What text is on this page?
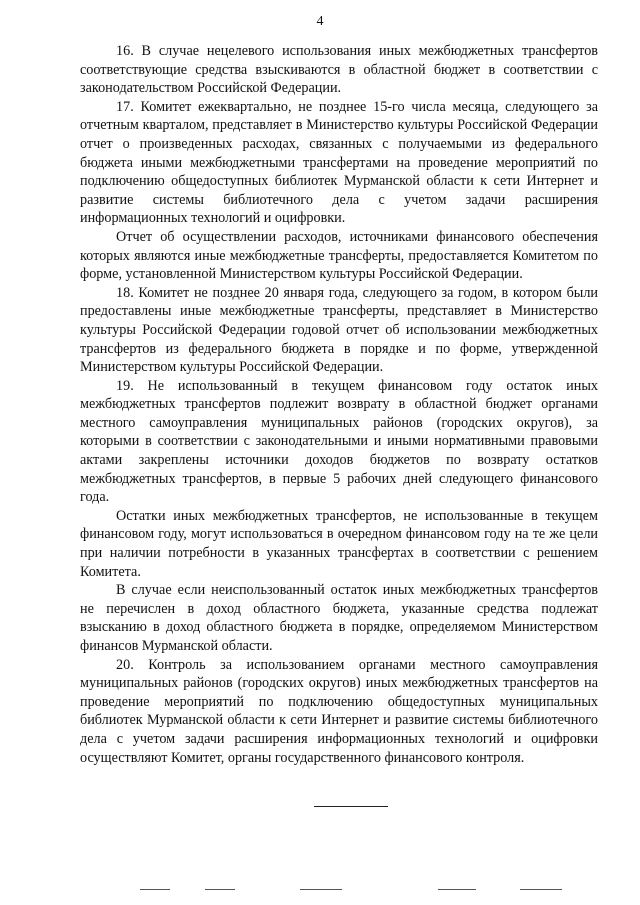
4

16. В случае нецелевого использования иных межбюджетных трансфертов соответствующие средства взыскиваются в областной бюджет в соответствии с законодательством Российской Федерации.

17. Комитет ежеквартально, не позднее 15-го числа месяца, следующего за отчетным кварталом, представляет в Министерство культуры Российской Федерации отчет о произведенных расходах, связанных с получаемыми из федерального бюджета иными межбюджетными трансфертами на проведение мероприятий по подключению общедоступных библиотек Мурманской области к сети Интернет и развитие системы библиотечного дела с учетом задачи расширения информационных технологий и оцифровки.

Отчет об осуществлении расходов, источниками финансового обеспечения которых являются иные межбюджетные трансферты, предоставляется Комитетом по форме, установленной Министерством культуры Российской Федерации.

18. Комитет не позднее 20 января года, следующего за годом, в котором были предоставлены иные межбюджетные трансферты, представляет в Министерство культуры Российской Федерации годовой отчет об использовании межбюджетных трансфертов из федерального бюджета в порядке и по форме, утвержденной Министерством культуры Российской Федерации.

19. Не использованный в текущем финансовом году остаток иных межбюджетных трансфертов подлежит возврату в областной бюджет органами местного самоуправления муниципальных районов (городских округов), за которыми в соответствии с законодательными и иными нормативными правовыми актами закреплены источники доходов бюджетов по возврату остатков межбюджетных трансфертов, в первые 5 рабочих дней следующего финансового года.

Остатки иных межбюджетных трансфертов, не использованные в текущем финансовом году, могут использоваться в очередном финансовом году на те же цели при наличии потребности в указанных трансфертах в соответствии с решением Комитета.

В случае если неиспользованный остаток иных межбюджетных трансфертов не перечислен в доход областного бюджета, указанные средства подлежат взысканию в доход областного бюджета в порядке, определяемом Министерством финансов Мурманской области.

20. Контроль за использованием органами местного самоуправления муниципальных районов (городских округов) иных межбюджетных трансфертов на проведение мероприятий по подключению общедоступных муниципальных библиотек Мурманской области к сети Интернет и развитие системы библиотечного дела с учетом задачи расширения информационных технологий и оцифровки осуществляют Комитет, органы государственного финансового контроля.
